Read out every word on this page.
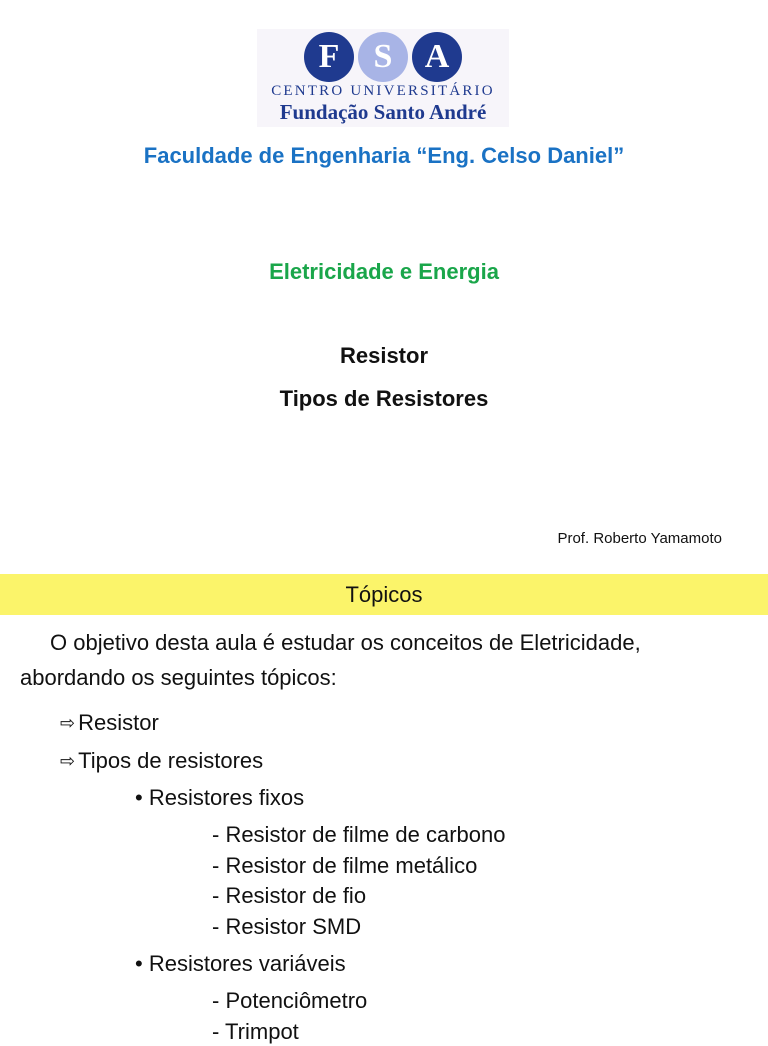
F	S A
CENTRO UNIVERSITÁRIO
Fundação Santo André
Faculdade de Engenharia “Eng. Celso Daniel”
Eletricidade e Energia
Resistor
Tipos de Resistores
Prof. Roberto Yamamoto
Tópicos
O objetivo desta aula é estudar os conceitos de Eletricidade,
abordando os seguintes tópicos:
⇨ Resistor
⇨ Tipos de resistores
• Resistores fixos
- Resistor de filme de carbono
- Resistor de filme metálico
- Resistor de fio
- Resistor SMD
• Resistores variáveis
- Potenciômetro
- Trimpot
